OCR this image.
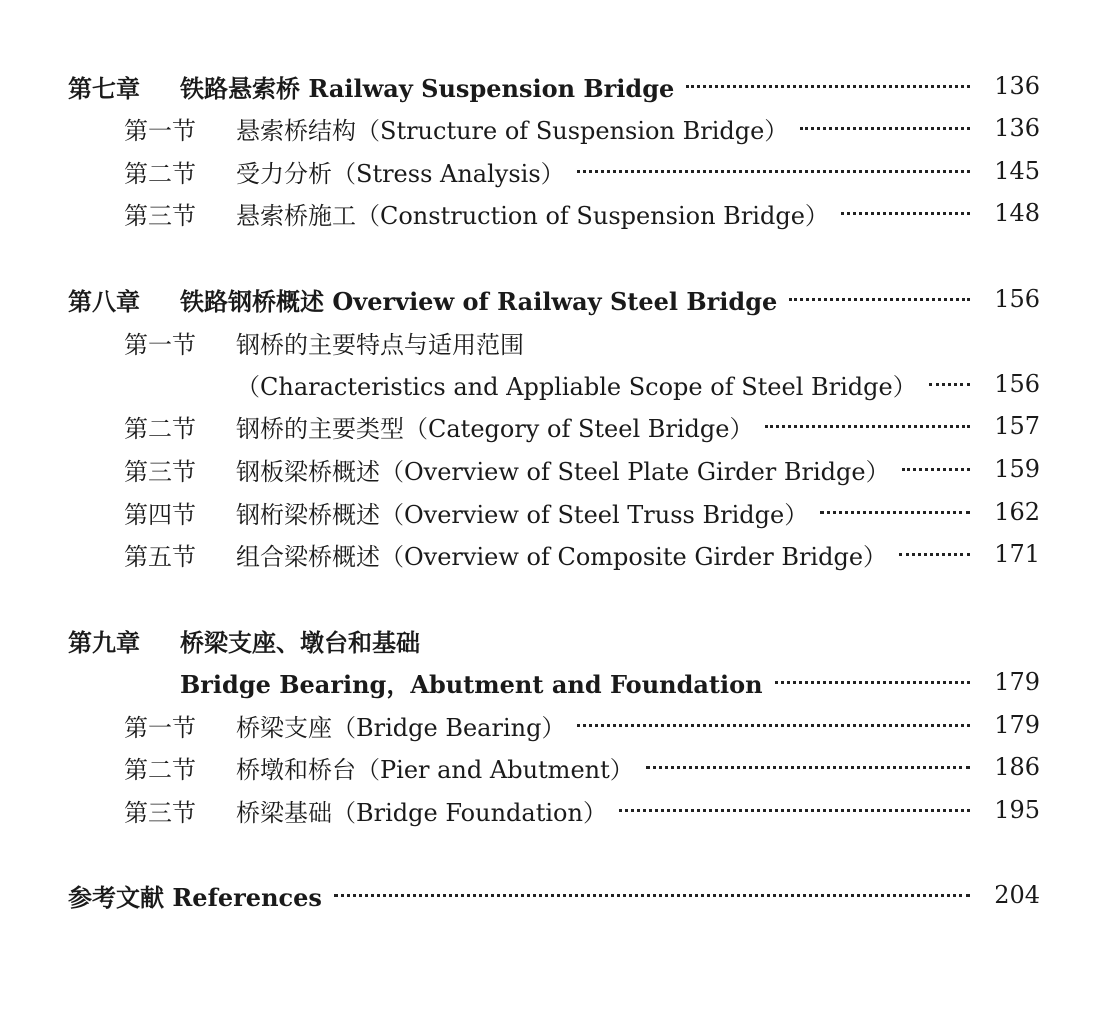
第七章	铁路悬索桥 Railway Suspension Bridge	136
第一节	悬索桥结构（Structure of Suspension Bridge）	136
第二节	受力分析（Stress Analysis）	145
第三节	悬索桥施工（Construction of Suspension Bridge）	148
第八章	铁路钢桥概述 Overview of Railway Steel Bridge	156
第一节	钢桥的主要特点与适用范围
（Characteristics and Appliable Scope of Steel Bridge）	156
第二节	钢桥的主要类型（Category of Steel Bridge）	157
第三节	钢板梁桥概述（Overview of Steel Plate Girder Bridge）	159
第四节	钢桁梁桥概述（Overview of Steel Truss Bridge）	162
第五节	组合梁桥概述（Overview of Composite Girder Bridge）	171
第九章	桥梁支座、墩台和基础
Bridge Bearing，Abutment and Foundation	179
第一节	桥梁支座（Bridge Bearing）	179
第二节	桥墩和桥台（Pier and Abutment）	186
第三节	桥梁基础（Bridge Foundation）	195
参考文献 References	204
